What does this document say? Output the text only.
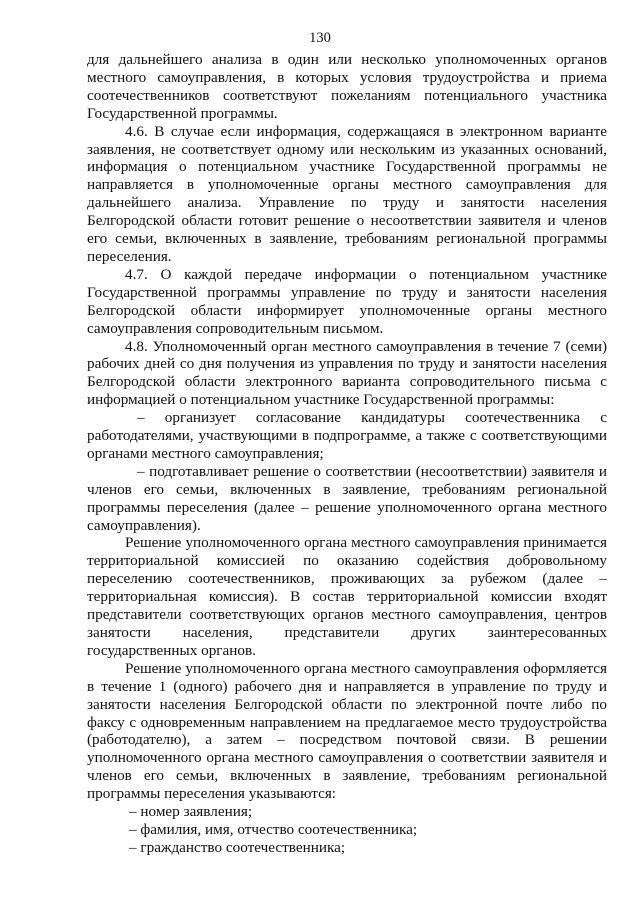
130

для дальнейшего анализа в один или несколько уполномоченных органов местного самоуправления, в которых условия трудоустройства и приема соотечественников соответствуют пожеланиям потенциального участника Государственной программы.

4.6. В случае если информация, содержащаяся в электронном варианте заявления, не соответствует одному или нескольким из указанных оснований, информация о потенциальном участнике Государственной программы не направляется в уполномоченные органы местного самоуправления для дальнейшего анализа. Управление по труду и занятости населения Белгородской области готовит решение о несоответствии заявителя и членов его семьи, включенных в заявление, требованиям региональной программы переселения.

4.7. О каждой передаче информации о потенциальном участнике Государственной программы управление по труду и занятости населения Белгородской области информирует уполномоченные органы местного самоуправления сопроводительным письмом.

4.8. Уполномоченный орган местного самоуправления в течение 7 (семи) рабочих дней со дня получения из управления по труду и занятости населения Белгородской области электронного варианта сопроводительного письма с информацией о потенциальном участнике Государственной программы:

– организует согласование кандидатуры соотечественника с работодателями, участвующими в подпрограмме, а также с соответствующими органами местного самоуправления;

– подготавливает решение о соответствии (несоответствии) заявителя и членов его семьи, включенных в заявление, требованиям региональной программы переселения (далее – решение уполномоченного органа местного самоуправления).

Решение уполномоченного органа местного самоуправления принимается территориальной комиссией по оказанию содействия добровольному переселению соотечественников, проживающих за рубежом (далее – территориальная комиссия). В состав территориальной комиссии входят представители соответствующих органов местного самоуправления, центров занятости населения, представители других заинтересованных государственных органов.

Решение уполномоченного органа местного самоуправления оформляется в течение 1 (одного) рабочего дня и направляется в управление по труду и занятости населения Белгородской области по электронной почте либо по факсу с одновременным направлением на предлагаемое место трудоустройства (работодателю), а затем – посредством почтовой связи. В решении уполномоченного органа местного самоуправления о соответствии заявителя и членов его семьи, включенных в заявление, требованиям региональной программы переселения указываются:

– номер заявления;

– фамилия, имя, отчество соотечественника;

– гражданство соотечественника;
